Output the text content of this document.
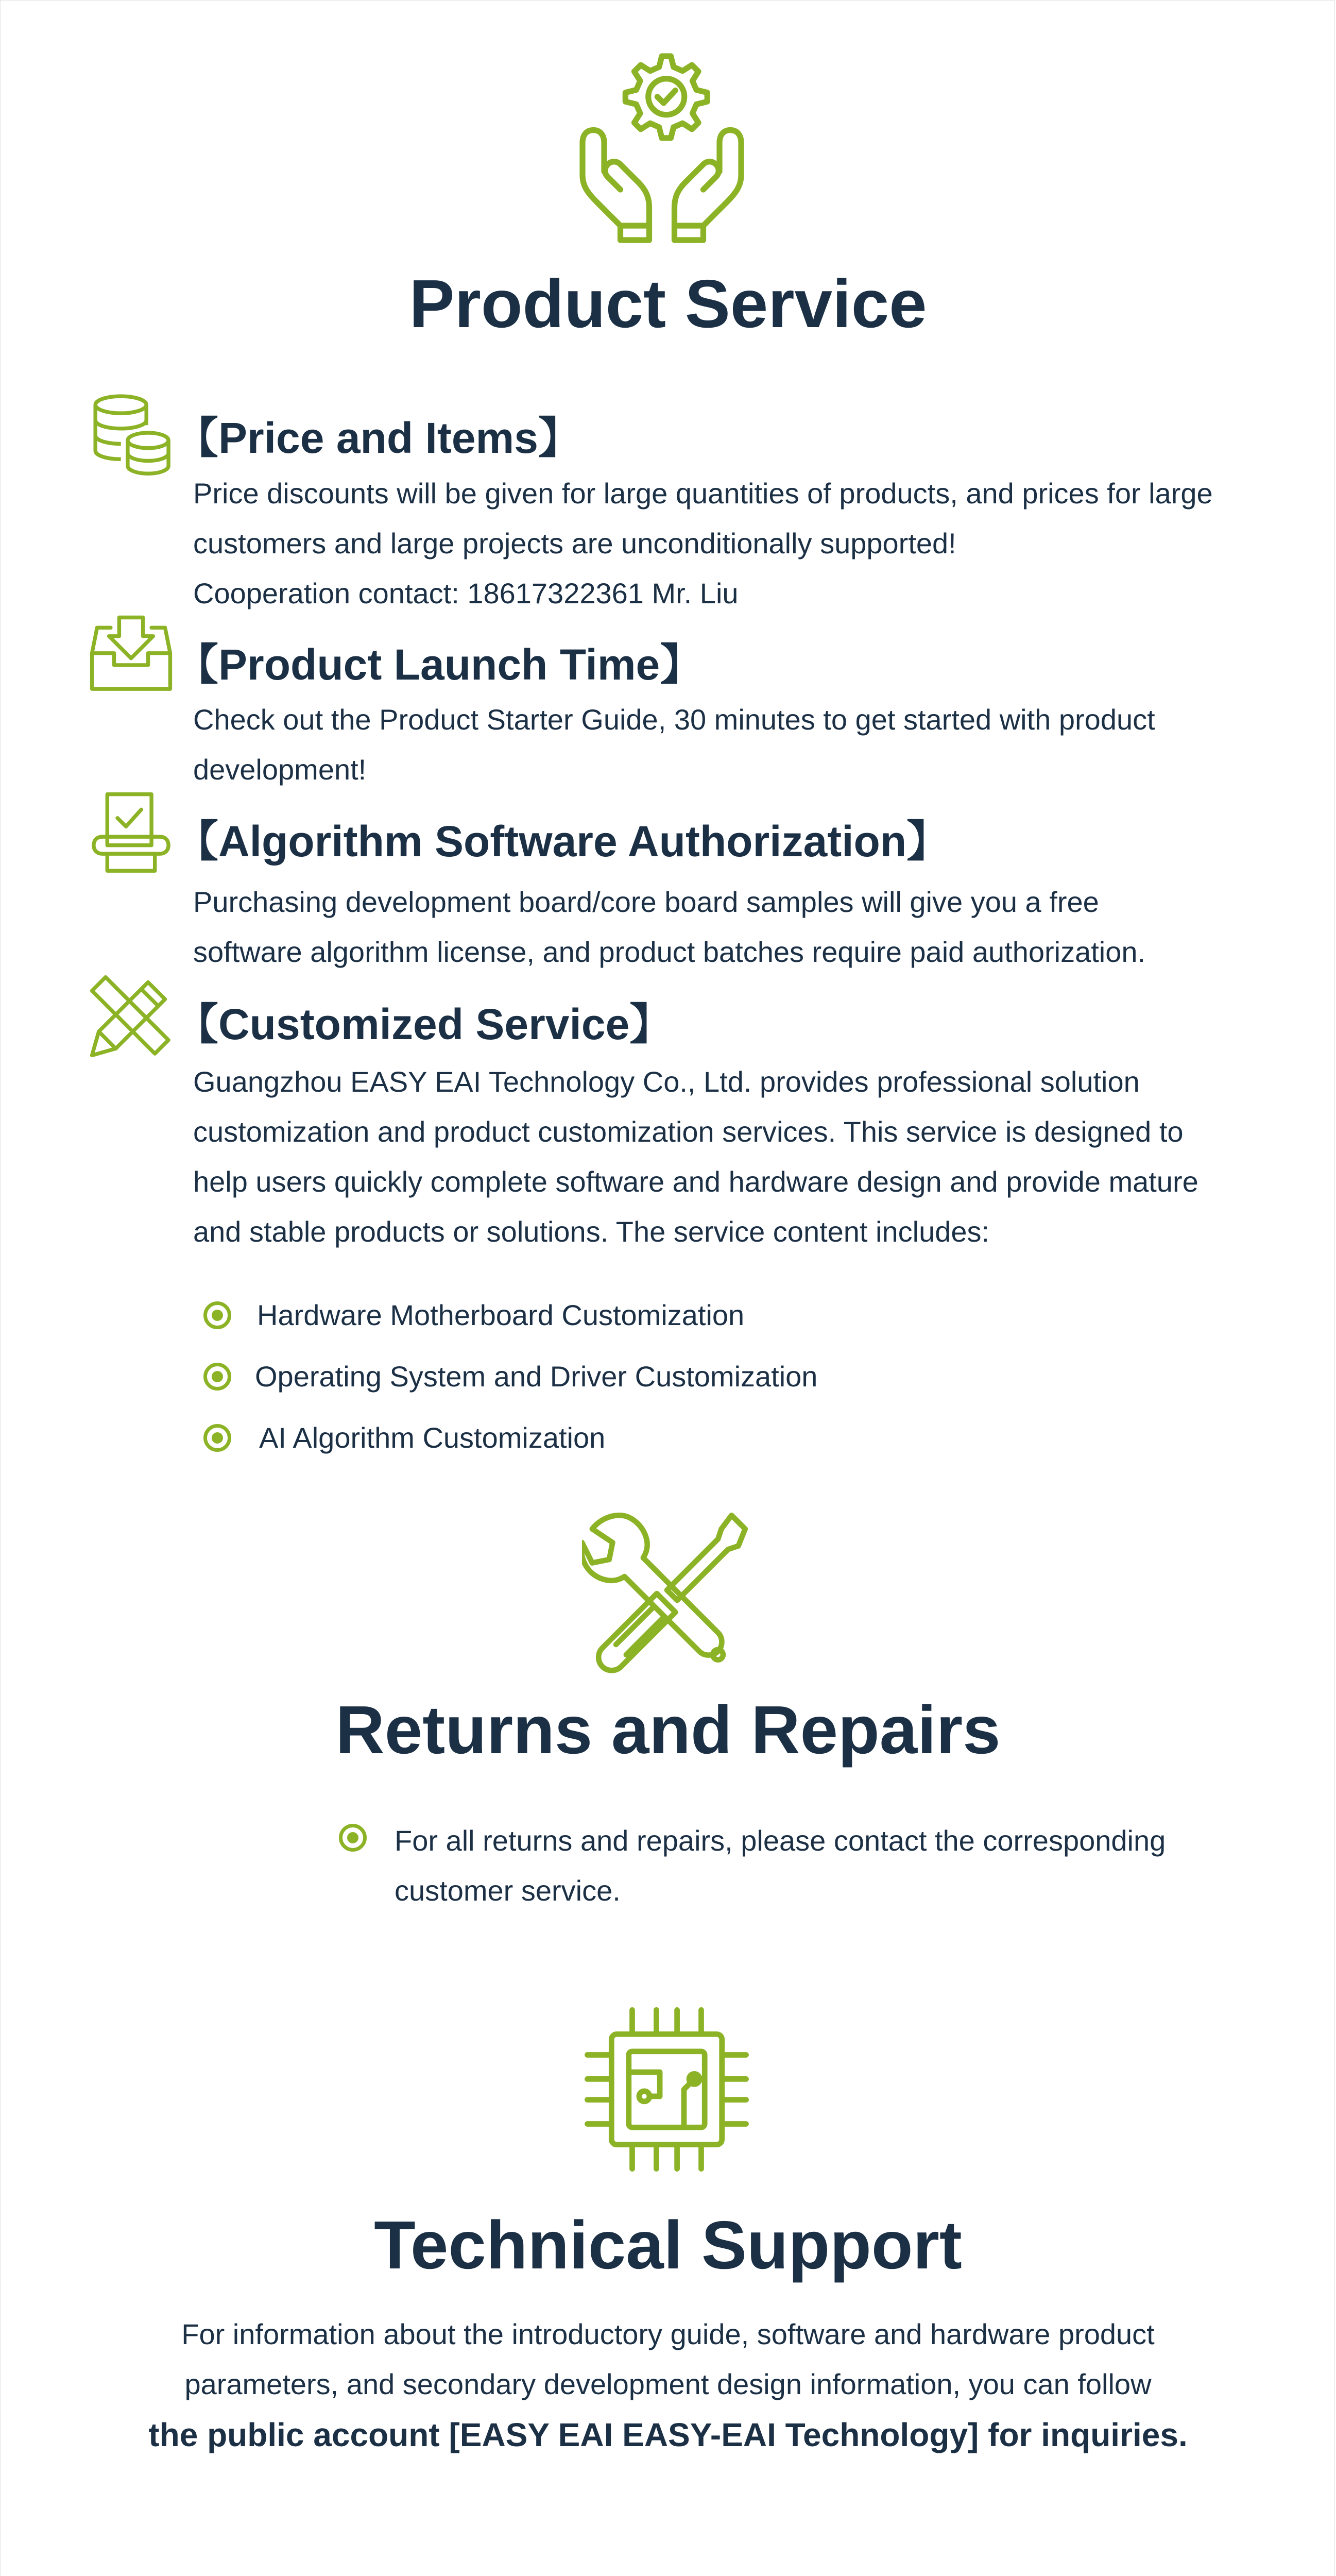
Product Service
【Price and Items】
Price discounts will be given for large quantities of products, and prices for large
customers and large projects are unconditionally supported!
Cooperation contact: 18617322361 Mr. Liu
【Product Launch Time】
Check out the Product Starter Guide, 30 minutes to get started with product
development!
【Algorithm Software Authorization】
Purchasing development board/core board samples will give you a free
software algorithm license, and product batches require paid authorization.
【Customized Service】
Guangzhou EASY EAI Technology Co., Ltd. provides professional solution
customization and product customization services. This service is designed to
help users quickly complete software and hardware design and provide mature
and stable products or solutions. The service content includes:
Hardware Motherboard Customization
Operating System and Driver Customization
AI Algorithm Customization
Returns and Repairs
For all returns and repairs, please contact the corresponding
customer service.
Technical Support
For information about the introductory guide, software and hardware product
parameters, and secondary development design information, you can follow
the public account [EASY EAI EASY-EAI Technology] for inquiries.
